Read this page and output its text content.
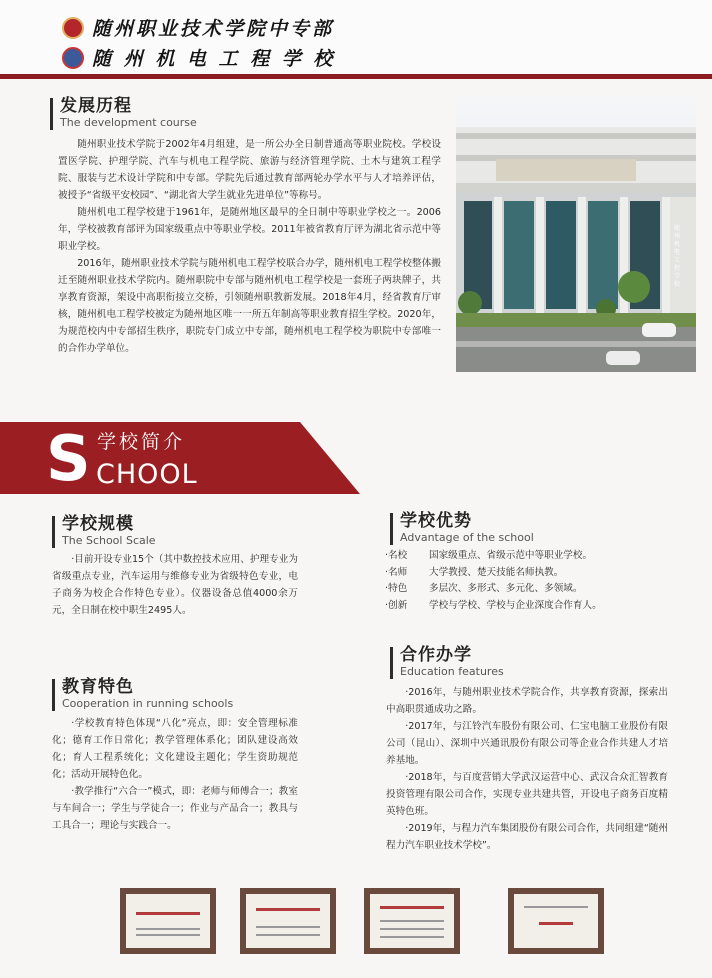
随州职业技术学院中专部
随 州 机 电 工 程 学 校
发展历程
The development course

随州职业技术学院于2002年4月组建，是一所公办全日制普通高等职业院校。学校设置医学院、护理学院、汽车与机电工程学院、旅游与经济管理学院、土木与建筑工程学院、服装与艺术设计学院和中专部。学院先后通过教育部两轮办学水平与人才培养评估，被授予“省级平安校园”、“湖北省大学生就业先进单位”等称号。

随州机电工程学校建于1961年，是随州地区最早的全日制中等职业学校之一。2006年，学校被教育部评为国家级重点中等职业学校。2011年被省教育厅评为湖北省示范中等职业学校。

2016年，随州职业技术学院与随州机电工程学校联合办学，随州机电工程学校整体搬迁至随州职业技术学院内。随州职院中专部与随州机电工程学校是一套班子两块牌子，共享教育资源，架设中高职衔接立交桥，引领随州职教新发展。2018年4月，经省教育厅审核，随州机电工程学校被定为随州地区唯一一所五年制高等职业教育招生学校。2020年，为规范校内中专部招生秩序，职院专门成立中专部，随州机电工程学校为职院中专部唯一的合作办学单位。

随州机电工程学校
S 学校简介
CHOOL
学校规模
The School Scale

·目前开设专业15个（其中数控技术应用、护理专业为省级重点专业，汽车运用与维修专业为省级特色专业，电子商务为校企合作特色专业）。仪器设备总值4000余万元，全日制在校中职生2495人。

教育特色
Cooperation in running schools

·学校教育特色体现“八化”亮点，即：安全管理标准化；德育工作日常化；教学管理体系化；团队建设高效化；育人工程系统化；文化建设主题化；学生资助规范化；活动开展特色化。

·教学推行“六合一”模式，即：老师与师傅合一；教室与车间合一；学生与学徒合一；作业与产品合一；教具与工具合一；理论与实践合一。

学校优势
Advantage of the school
·名校	国家级重点、省级示范中等职业学校。
·名师	大学教授、楚天技能名师执教。
·特色	多层次、多形式、多元化、多领域。
·创新	学校与学校、学校与企业深度合作育人。
合作办学
Education features

·2016年，与随州职业技术学院合作，共享教育资源，探索出中高职贯通成功之路。

·2017年，与江铃汽车股份有限公司、仁宝电脑工业股份有限公司（昆山）、深圳中兴通讯股份有限公司等企业合作共建人才培养基地。

·2018年，与百度营销大学武汉运营中心、武汉合众汇智教育投资管理有限公司合作，实现专业共建共管，开设电子商务百度精英特色班。

·2019年，与程力汽车集团股份有限公司合作，共同组建“随州程力汽车职业技术学校”。
